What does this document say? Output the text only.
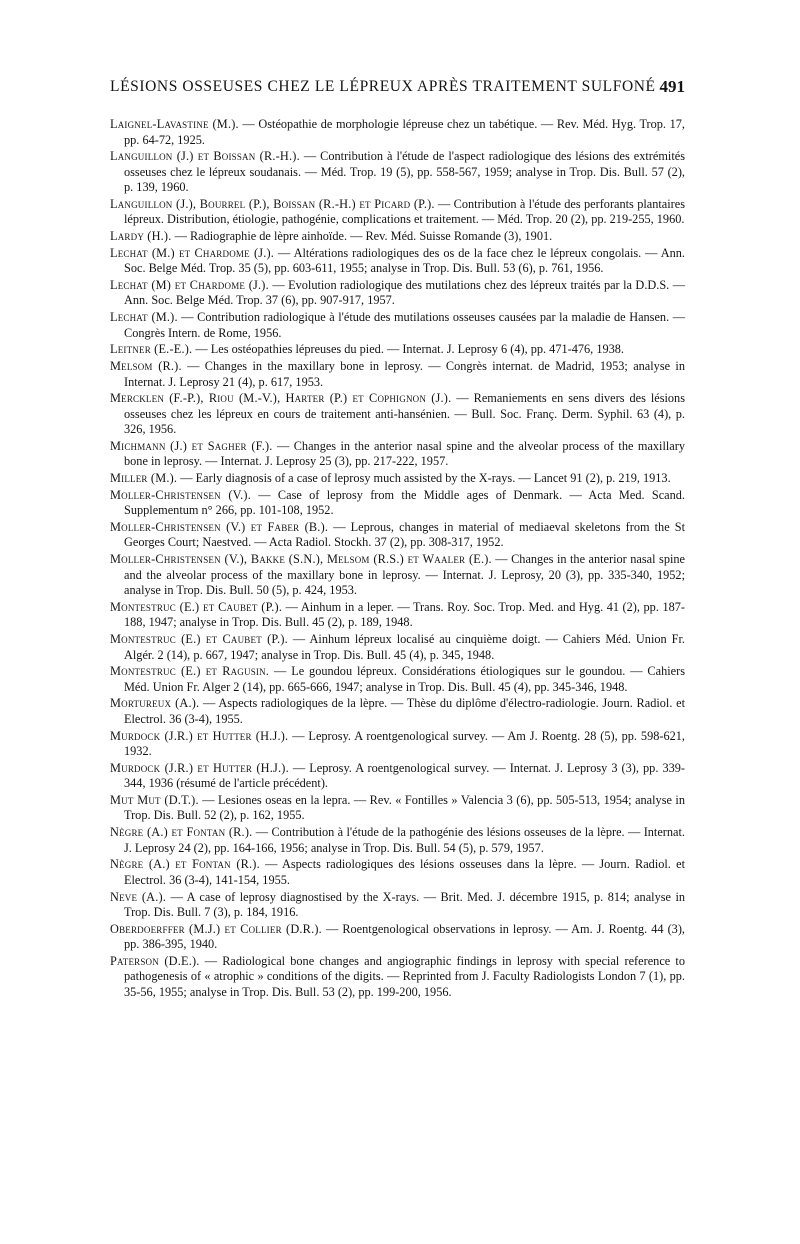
LÉSIONS OSSEUSES CHEZ LE LÉPREUX APRÈS TRAITEMENT SULFONÉ 491

Laignel-Lavastine (M.). — Ostéopathie de morphologie lépreuse chez un tabétique. — Rev. Méd. Hyg. Trop. 17, pp. 64-72, 1925.

Languillon (J.) et Boissan (R.-H.). — Contribution à l'étude de l'aspect radiologique des lésions des extrémités osseuses chez le lépreux soudanais. — Méd. Trop. 19 (5), pp. 558-567, 1959; analyse in Trop. Dis. Bull. 57 (2), p. 139, 1960.

Languillon (J.), Bourrel (P.), Boissan (R.-H.) et Picard (P.). — Contribution à l'étude des perforants plantaires lépreux. Distribution, étiologie, pathogénie, complications et traitement. — Méd. Trop. 20 (2), pp. 219-255, 1960.

Lardy (H.). — Radiographie de lèpre ainhoïde. — Rev. Méd. Suisse Romande (3), 1901.

Lechat (M.) et Chardome (J.). — Altérations radiologiques des os de la face chez le lépreux congolais. — Ann. Soc. Belge Méd. Trop. 35 (5), pp. 603-611, 1955; analyse in Trop. Dis. Bull. 53 (6), p. 761, 1956.

Lechat (M) et Chardome (J.). — Evolution radiologique des mutilations chez des lépreux traités par la D.D.S. — Ann. Soc. Belge Méd. Trop. 37 (6), pp. 907-917, 1957.

Lechat (M.). — Contribution radiologique à l'étude des mutilations osseuses causées par la maladie de Hansen. — Congrès Intern. de Rome, 1956.

Leitner (E.-E.). — Les ostéopathies lépreuses du pied. — Internat. J. Leprosy 6 (4), pp. 471-476, 1938.

Melsom (R.). — Changes in the maxillary bone in leprosy. — Congrès internat. de Madrid, 1953; analyse in Internat. J. Leprosy 21 (4), p. 617, 1953.

Mercklen (F.-P.), Riou (M.-V.), Harter (P.) et Cophignon (J.). — Remaniements en sens divers des lésions osseuses chez les lépreux en cours de traitement anti-hansénien. — Bull. Soc. Franç. Derm. Syphil. 63 (4), p. 326, 1956.

Michmann (J.) et Sagher (F.). — Changes in the anterior nasal spine and the alveolar process of the maxillary bone in leprosy. — Internat. J. Leprosy 25 (3), pp. 217-222, 1957.

Miller (M.). — Early diagnosis of a case of leprosy much assisted by the X-rays. — Lancet 91 (2), p. 219, 1913.

Moller-Christensen (V.). — Case of leprosy from the Middle ages of Denmark. — Acta Med. Scand. Supplementum n° 266, pp. 101-108, 1952.

Moller-Christensen (V.) et Faber (B.). — Leprous, changes in material of mediaeval skeletons from the St Georges Court; Naestved. — Acta Radiol. Stockh. 37 (2), pp. 308-317, 1952.

Moller-Christensen (V.), Bakke (S.N.), Melsom (R.S.) et Waaler (E.). — Changes in the anterior nasal spine and the alveolar process of the maxillary bone in leprosy. — Internat. J. Leprosy, 20 (3), pp. 335-340, 1952; analyse in Trop. Dis. Bull. 50 (5), p. 424, 1953.

Montestruc (E.) et Caubet (P.). — Ainhum in a leper. — Trans. Roy. Soc. Trop. Med. and Hyg. 41 (2), pp. 187-188, 1947; analyse in Trop. Dis. Bull. 45 (2), p. 189, 1948.

Montestruc (E.) et Caubet (P.). — Ainhum lépreux localisé au cinquième doigt. — Cahiers Méd. Union Fr. Algér. 2 (14), p. 667, 1947; analyse in Trop. Dis. Bull. 45 (4), p. 345, 1948.

Montestruc (E.) et Ragusin. — Le goundou lépreux. Considérations étiologiques sur le goundou. — Cahiers Méd. Union Fr. Alger 2 (14), pp. 665-666, 1947; analyse in Trop. Dis. Bull. 45 (4), pp. 345-346, 1948.

Mortureux (A.). — Aspects radiologiques de la lèpre. — Thèse du diplôme d'électro-radiologie. Journ. Radiol. et Electrol. 36 (3-4), 1955.

Murdock (J.R.) et Hutter (H.J.). — Leprosy. A roentgenological survey. — Am J. Roentg. 28 (5), pp. 598-621, 1932.

Murdock (J.R.) et Hutter (H.J.). — Leprosy. A roentgenological survey. — Internat. J. Leprosy 3 (3), pp. 339-344, 1936 (résumé de l'article précédent).

Mut Mut (D.T.). — Lesiones oseas en la lepra. — Rev. « Fontilles » Valencia 3 (6), pp. 505-513, 1954; analyse in Trop. Dis. Bull. 52 (2), p. 162, 1955.

Nègre (A.) et Fontan (R.). — Contribution à l'étude de la pathogénie des lésions osseuses de la lèpre. — Internat. J. Leprosy 24 (2), pp. 164-166, 1956; analyse in Trop. Dis. Bull. 54 (5), p. 579, 1957.

Nègre (A.) et Fontan (R.). — Aspects radiologiques des lésions osseuses dans la lèpre. — Journ. Radiol. et Electrol. 36 (3-4), 141-154, 1955.

Neve (A.). — A case of leprosy diagnostised by the X-rays. — Brit. Med. J. décembre 1915, p. 814; analyse in Trop. Dis. Bull. 7 (3), p. 184, 1916.

Oberdoerffer (M.J.) et Collier (D.R.). — Roentgenological observations in leprosy. — Am. J. Roentg. 44 (3), pp. 386-395, 1940.

Paterson (D.E.). — Radiological bone changes and angiographic findings in leprosy with special reference to pathogenesis of « atrophic » conditions of the digits. — Reprinted from J. Faculty Radiologists London 7 (1), pp. 35-56, 1955; analyse in Trop. Dis. Bull. 53 (2), pp. 199-200, 1956.
